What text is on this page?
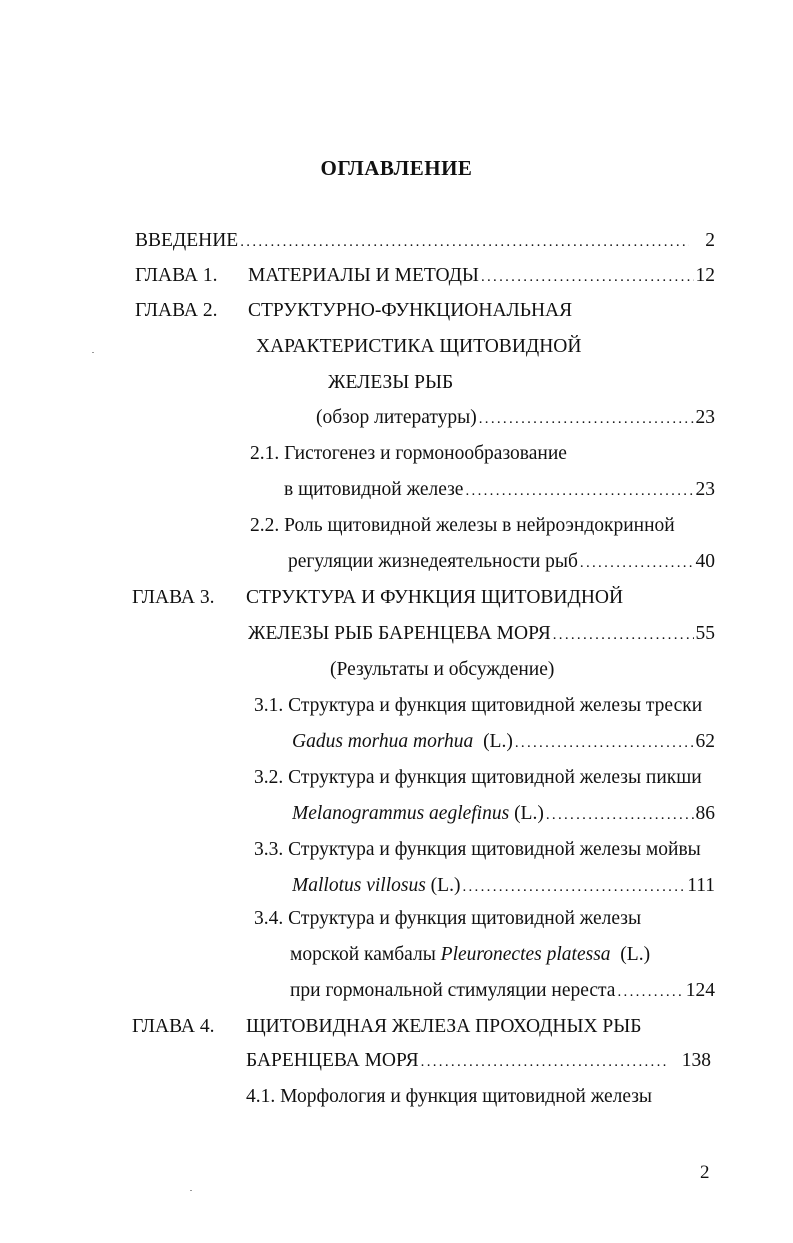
ОГЛАВЛЕНИЕ
ВВЕДЕНИЕ .....	2
ГЛАВА 1. МАТЕРИАЛЫ И МЕТОДЫ .....	12
ГЛАВА 2. СТРУКТУРНО-ФУНКЦИОНАЛЬНАЯ
ХАРАКТЕРИСТИКА ЩИТОВИДНОЙ
ЖЕЛЕЗЫ РЫБ
(обзор литературы) .....	23
2.1. Гистогенез и гормонообразование
в щитовидной железе .....	23
2.2. Роль щитовидной железы в нейроэндокринной
регуляции жизнедеятельности рыб .....	40
ГЛАВА 3. СТРУКТУРА И ФУНКЦИЯ ЩИТОВИДНОЙ
ЖЕЛЕЗЫ РЫБ БАРЕНЦЕВА МОРЯ .....	55
(Результаты и обсуждение)
3.1. Структура и функция щитовидной железы трески
Gadus morhua morhua (L.) .....	62
3.2. Структура и функция щитовидной железы пикши
Melanogrammus aeglefinus (L.) .....	86
3.3. Структура и функция щитовидной железы мойвы
Mallotus villosus (L.) .....	111
3.4. Структура и функция щитовидной железы
морской камбалы Pleuronectes platessa (L.)
при гормональной стимуляции нереста .....	124
ГЛАВА 4. ЩИТОВИДНАЯ ЖЕЛЕЗА ПРОХОДНЫХ РЫБ
БАРЕНЦЕВА МОРЯ .....	138
4.1. Морфология и функция щитовидной железы
2
